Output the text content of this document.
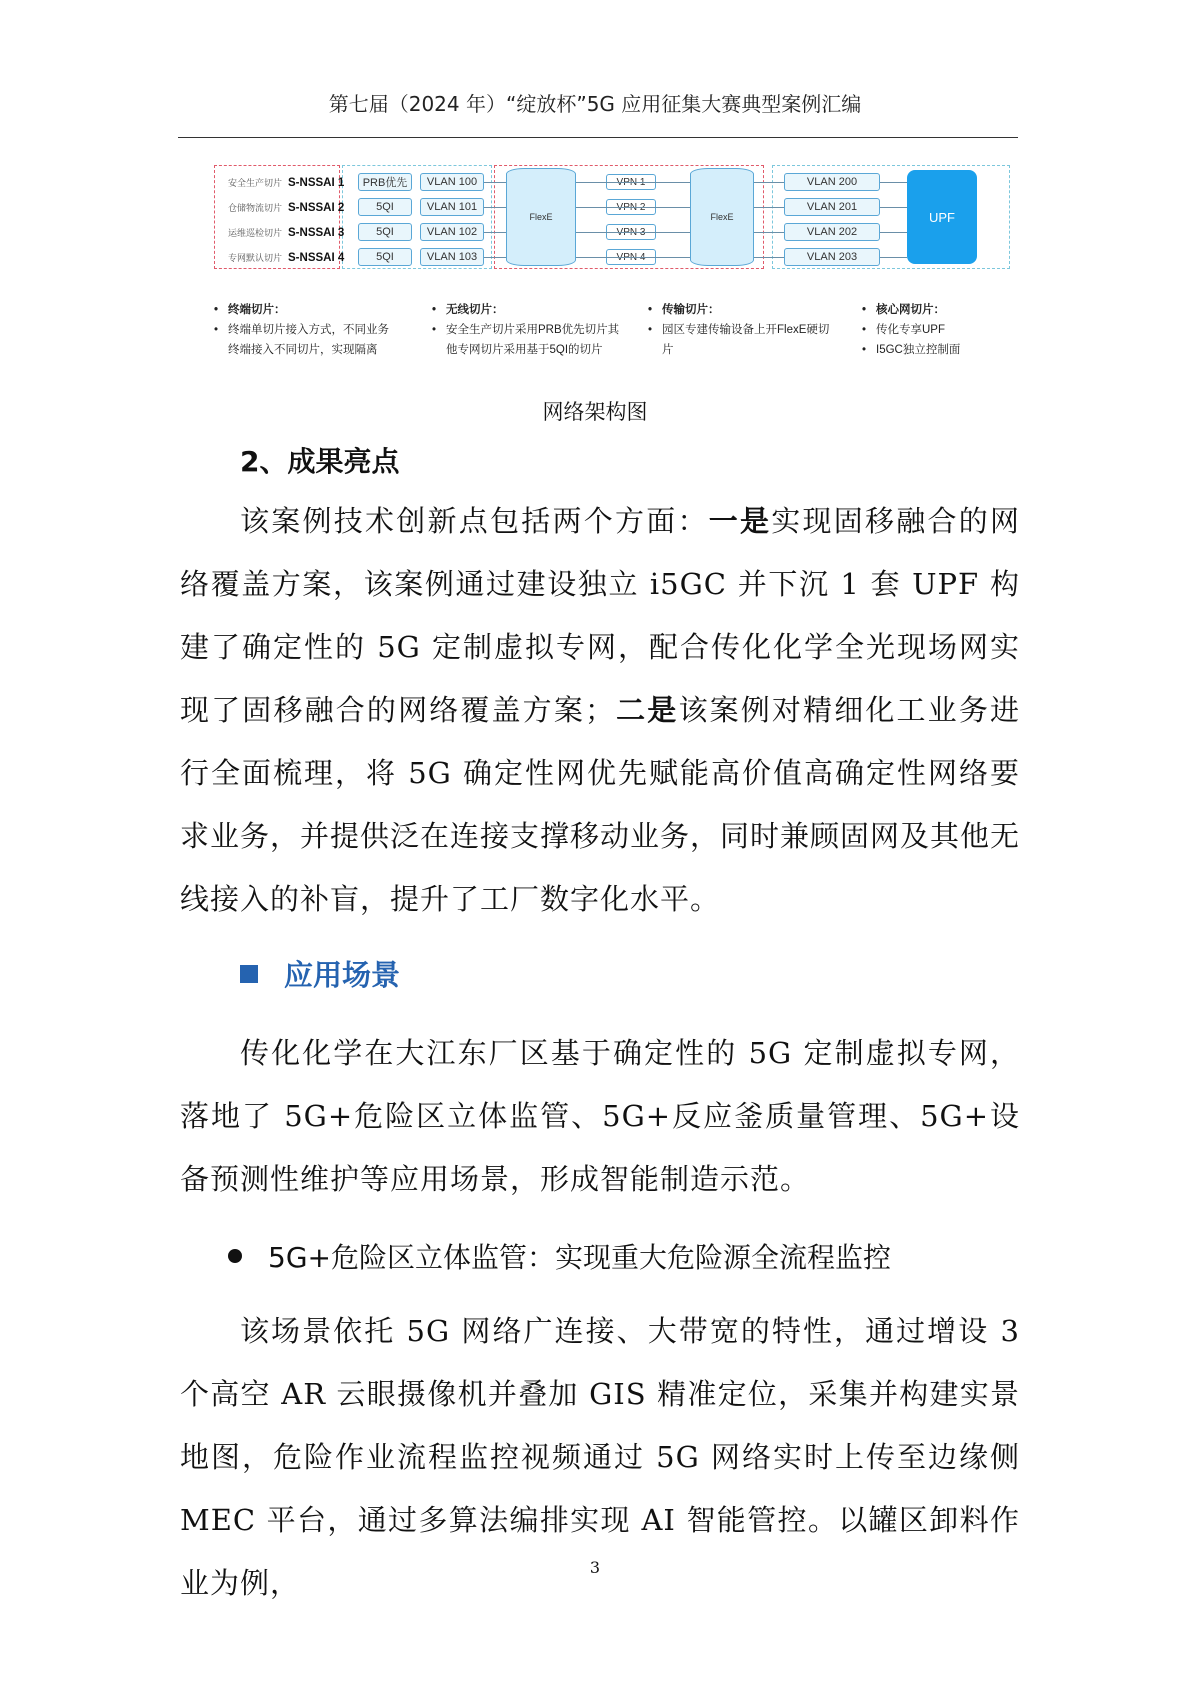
第七届（2024 年）“绽放杯”5G 应用征集大赛典型案例汇编
安全生产切片 S-NSSAI 1	PRB优先	VLAN 100	VPN 1	VLAN 200
仓储物流切片 S-NSSAI 2	5QI	VLAN 101	VPN 2	VLAN 201
运维巡检切片 S-NSSAI 3	5QI	VLAN 102	VPN 3	VLAN 202
专网默认切片 S-NSSAI 4	5QI	VLAN 103	VPN 4	VLAN 203
FlexE	FlexE	UPF
• 终端切片：
• 终端单切片接入方式，不同业务
终端接入不同切片，实现隔离
• 无线切片：
• 安全生产切片采用PRB优先切片其
他专网切片采用基于5QI的切片
• 传输切片：
• 园区专建传输设备上开FlexE硬切
片
• 核心网切片：
• 传化专享UPF
• I5GC独立控制面
网络架构图
2、成果亮点
该案例技术创新点包括两个方面：一是实现固移融合的网络覆盖方案，该案例通过建设独立 i5GC 并下沉 1 套 UPF 构建了确定性的 5G 定制虚拟专网，配合传化化学全光现场网实现了固移融合的网络覆盖方案；二是该案例对精细化工业务进行全面梳理，将 5G 确定性网优先赋能高价值高确定性网络要求业务，并提供泛在连接支撑移动业务，同时兼顾固网及其他无线接入的补盲，提升了工厂数字化水平。
应用场景
传化化学在大江东厂区基于确定性的 5G 定制虚拟专网，落地了 5G+危险区立体监管、5G+反应釜质量管理、5G+设备预测性维护等应用场景，形成智能制造示范。
5G+危险区立体监管：实现重大危险源全流程监控
该场景依托 5G 网络广连接、大带宽的特性，通过增设 3 个高空 AR 云眼摄像机并叠加 GIS 精准定位，采集并构建实景地图，危险作业流程监控视频通过 5G 网络实时上传至边缘侧 MEC 平台，通过多算法编排实现 AI 智能管控。以罐区卸料作业为例，	3
